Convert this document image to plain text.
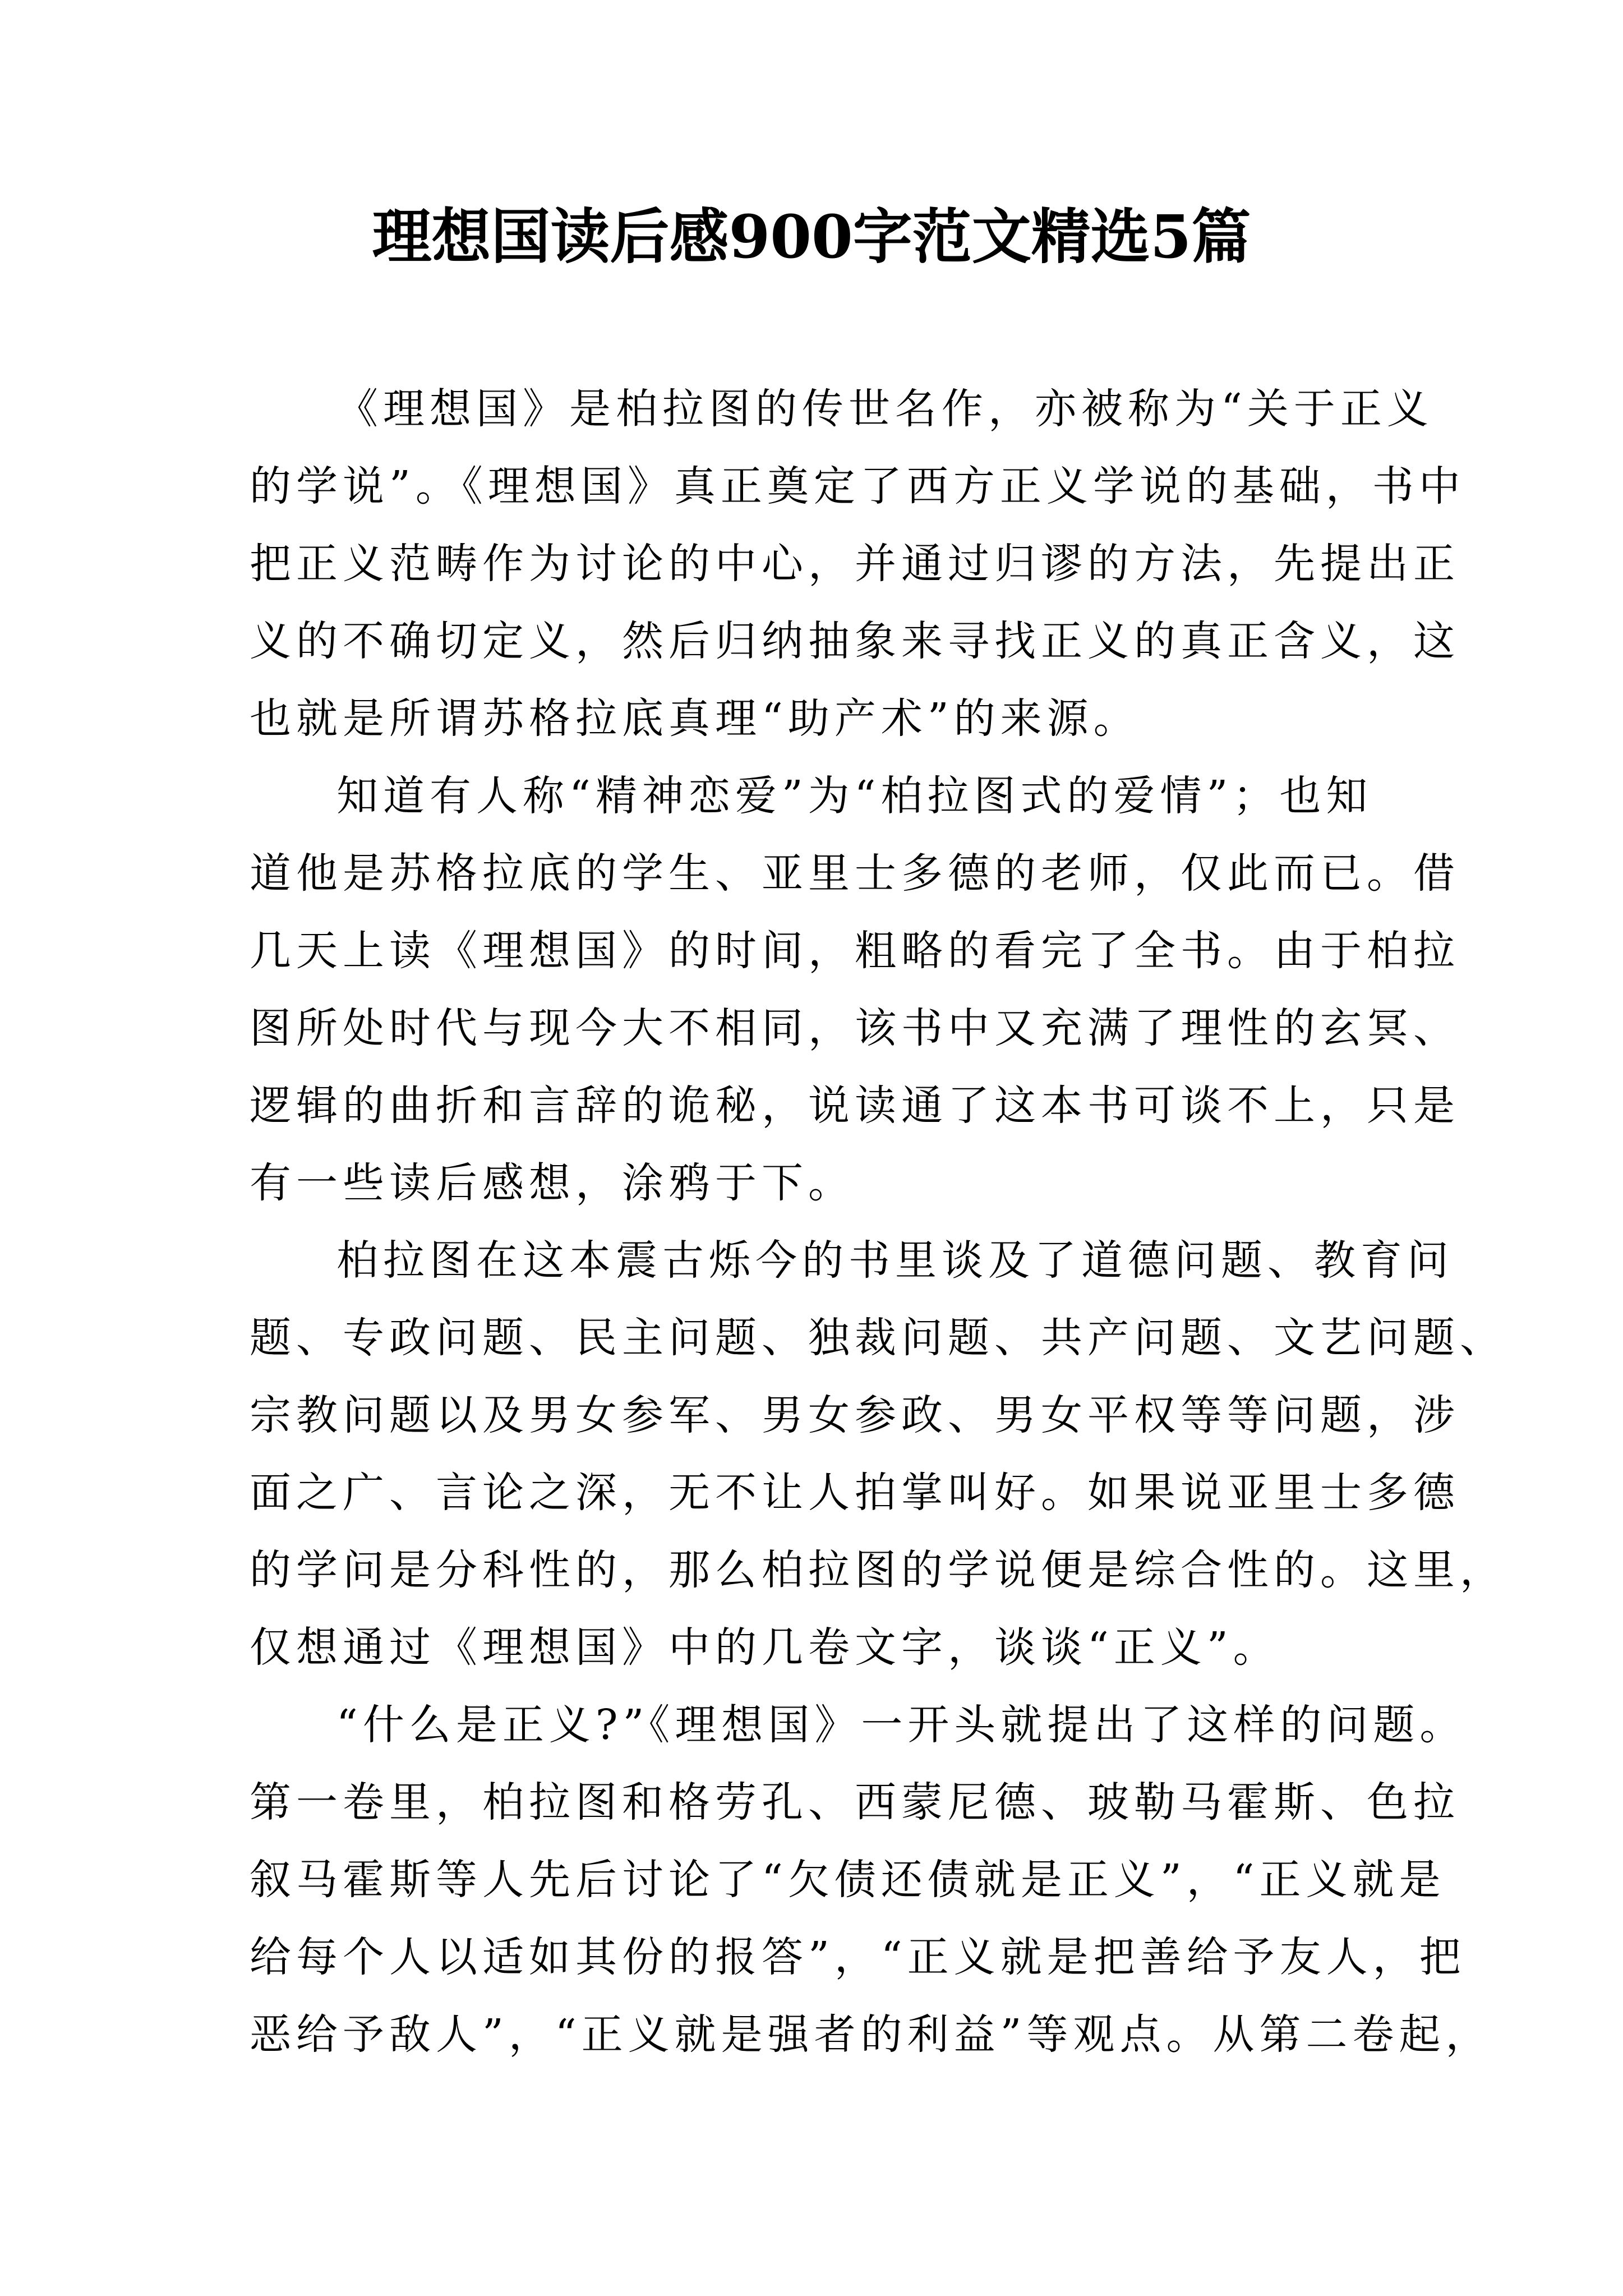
理想国读后感900字范文精选5篇
《理想国》是柏拉图的传世名作，亦被称为“关于正义
的学说”。《理想国》真正奠定了西方正义学说的基础，书中
把正义范畴作为讨论的中心，并通过归谬的方法，先提出正
义的不确切定义，然后归纳抽象来寻找正义的真正含义，这
也就是所谓苏格拉底真理“助产术”的来源。
知道有人称“精神恋爱”为“柏拉图式的爱情”；也知
道他是苏格拉底的学生、亚里士多德的老师，仅此而已。借
几天上读《理想国》的时间，粗略的看完了全书。由于柏拉
图所处时代与现今大不相同，该书中又充满了理性的玄冥、
逻辑的曲折和言辞的诡秘，说读通了这本书可谈不上，只是
有一些读后感想，涂鸦于下。
柏拉图在这本震古烁今的书里谈及了道德问题、教育问
题、专政问题、民主问题、独裁问题、共产问题、文艺问题、
宗教问题以及男女参军、男女参政、男女平权等等问题，涉
面之广、言论之深，无不让人拍掌叫好。如果说亚里士多德
的学问是分科性的，那么柏拉图的学说便是综合性的。这里，
仅想通过《理想国》中的几卷文字，谈谈“正义”。
“什么是正义?”《理想国》一开头就提出了这样的问题。
第一卷里，柏拉图和格劳孔、西蒙尼德、玻勒马霍斯、色拉
叙马霍斯等人先后讨论了“欠债还债就是正义”，“正义就是
给每个人以适如其份的报答”，“正义就是把善给予友人，把
恶给予敌人”，“正义就是强者的利益”等观点。从第二卷起，
